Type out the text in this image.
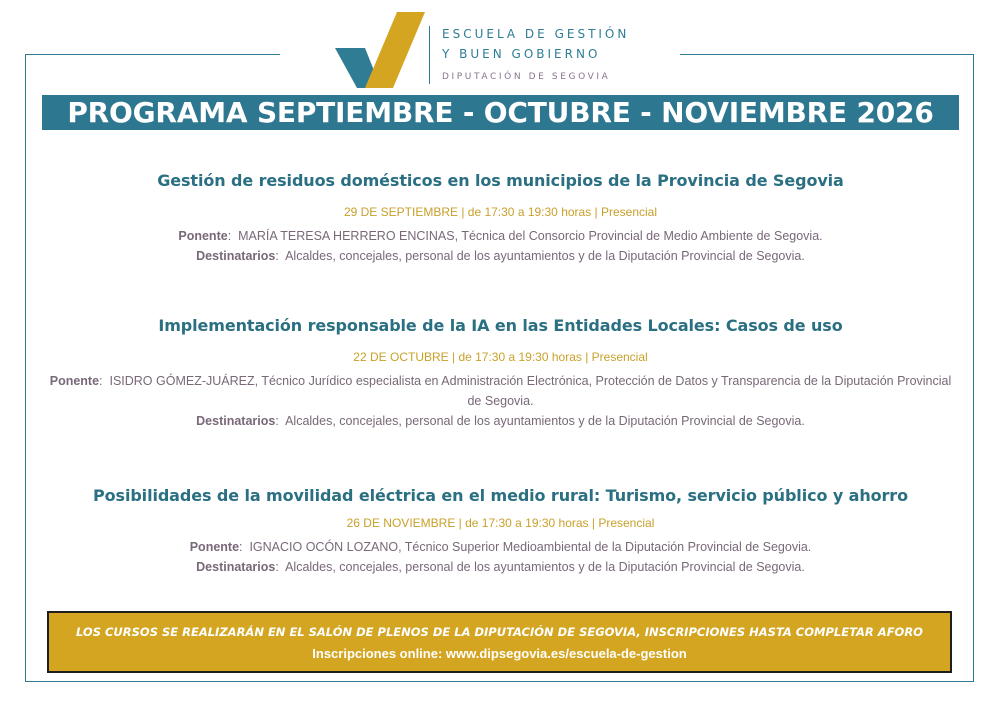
ESCUELA DE GESTIÓN
Y BUEN GOBIERNO
DIPUTACIÓN DE SEGOVIA
PROGRAMA SEPTIEMBRE - OCTUBRE - NOVIEMBRE 2026
Gestión de residuos domésticos en los municipios de la Provincia de Segovia
29 DE SEPTIEMBRE | de 17:30 a 19:30 horas | Presencial
Ponente:  MARÍA TERESA HERRERO ENCINAS, Técnica del Consorcio Provincial de Medio Ambiente de Segovia.
Destinatarios:  Alcaldes, concejales, personal de los ayuntamientos y de la Diputación Provincial de Segovia.
Implementación responsable de la IA en las Entidades Locales: Casos de uso
22 DE OCTUBRE | de 17:30 a 19:30 horas | Presencial
Ponente:  ISIDRO GÓMEZ-JUÁREZ, Técnico Jurídico especialista en Administración Electrónica, Protección de Datos y Transparencia de la Diputación Provincial de Segovia.
Destinatarios:  Alcaldes, concejales, personal de los ayuntamientos y de la Diputación Provincial de Segovia.
Posibilidades de la movilidad eléctrica en el medio rural: Turismo, servicio público y ahorro
26 DE NOVIEMBRE | de 17:30 a 19:30 horas | Presencial
Ponente:  IGNACIO OCÓN LOZANO, Técnico Superior Medioambiental de la Diputación Provincial de Segovia.
Destinatarios:  Alcaldes, concejales, personal de los ayuntamientos y de la Diputación Provincial de Segovia.
LOS CURSOS SE REALIZARÁN EN EL SALÓN DE PLENOS DE LA DIPUTACIÓN DE SEGOVIA, INSCRIPCIONES HASTA COMPLETAR AFORO
Inscripciones online: www.dipsegovia.es/escuela-de-gestion
